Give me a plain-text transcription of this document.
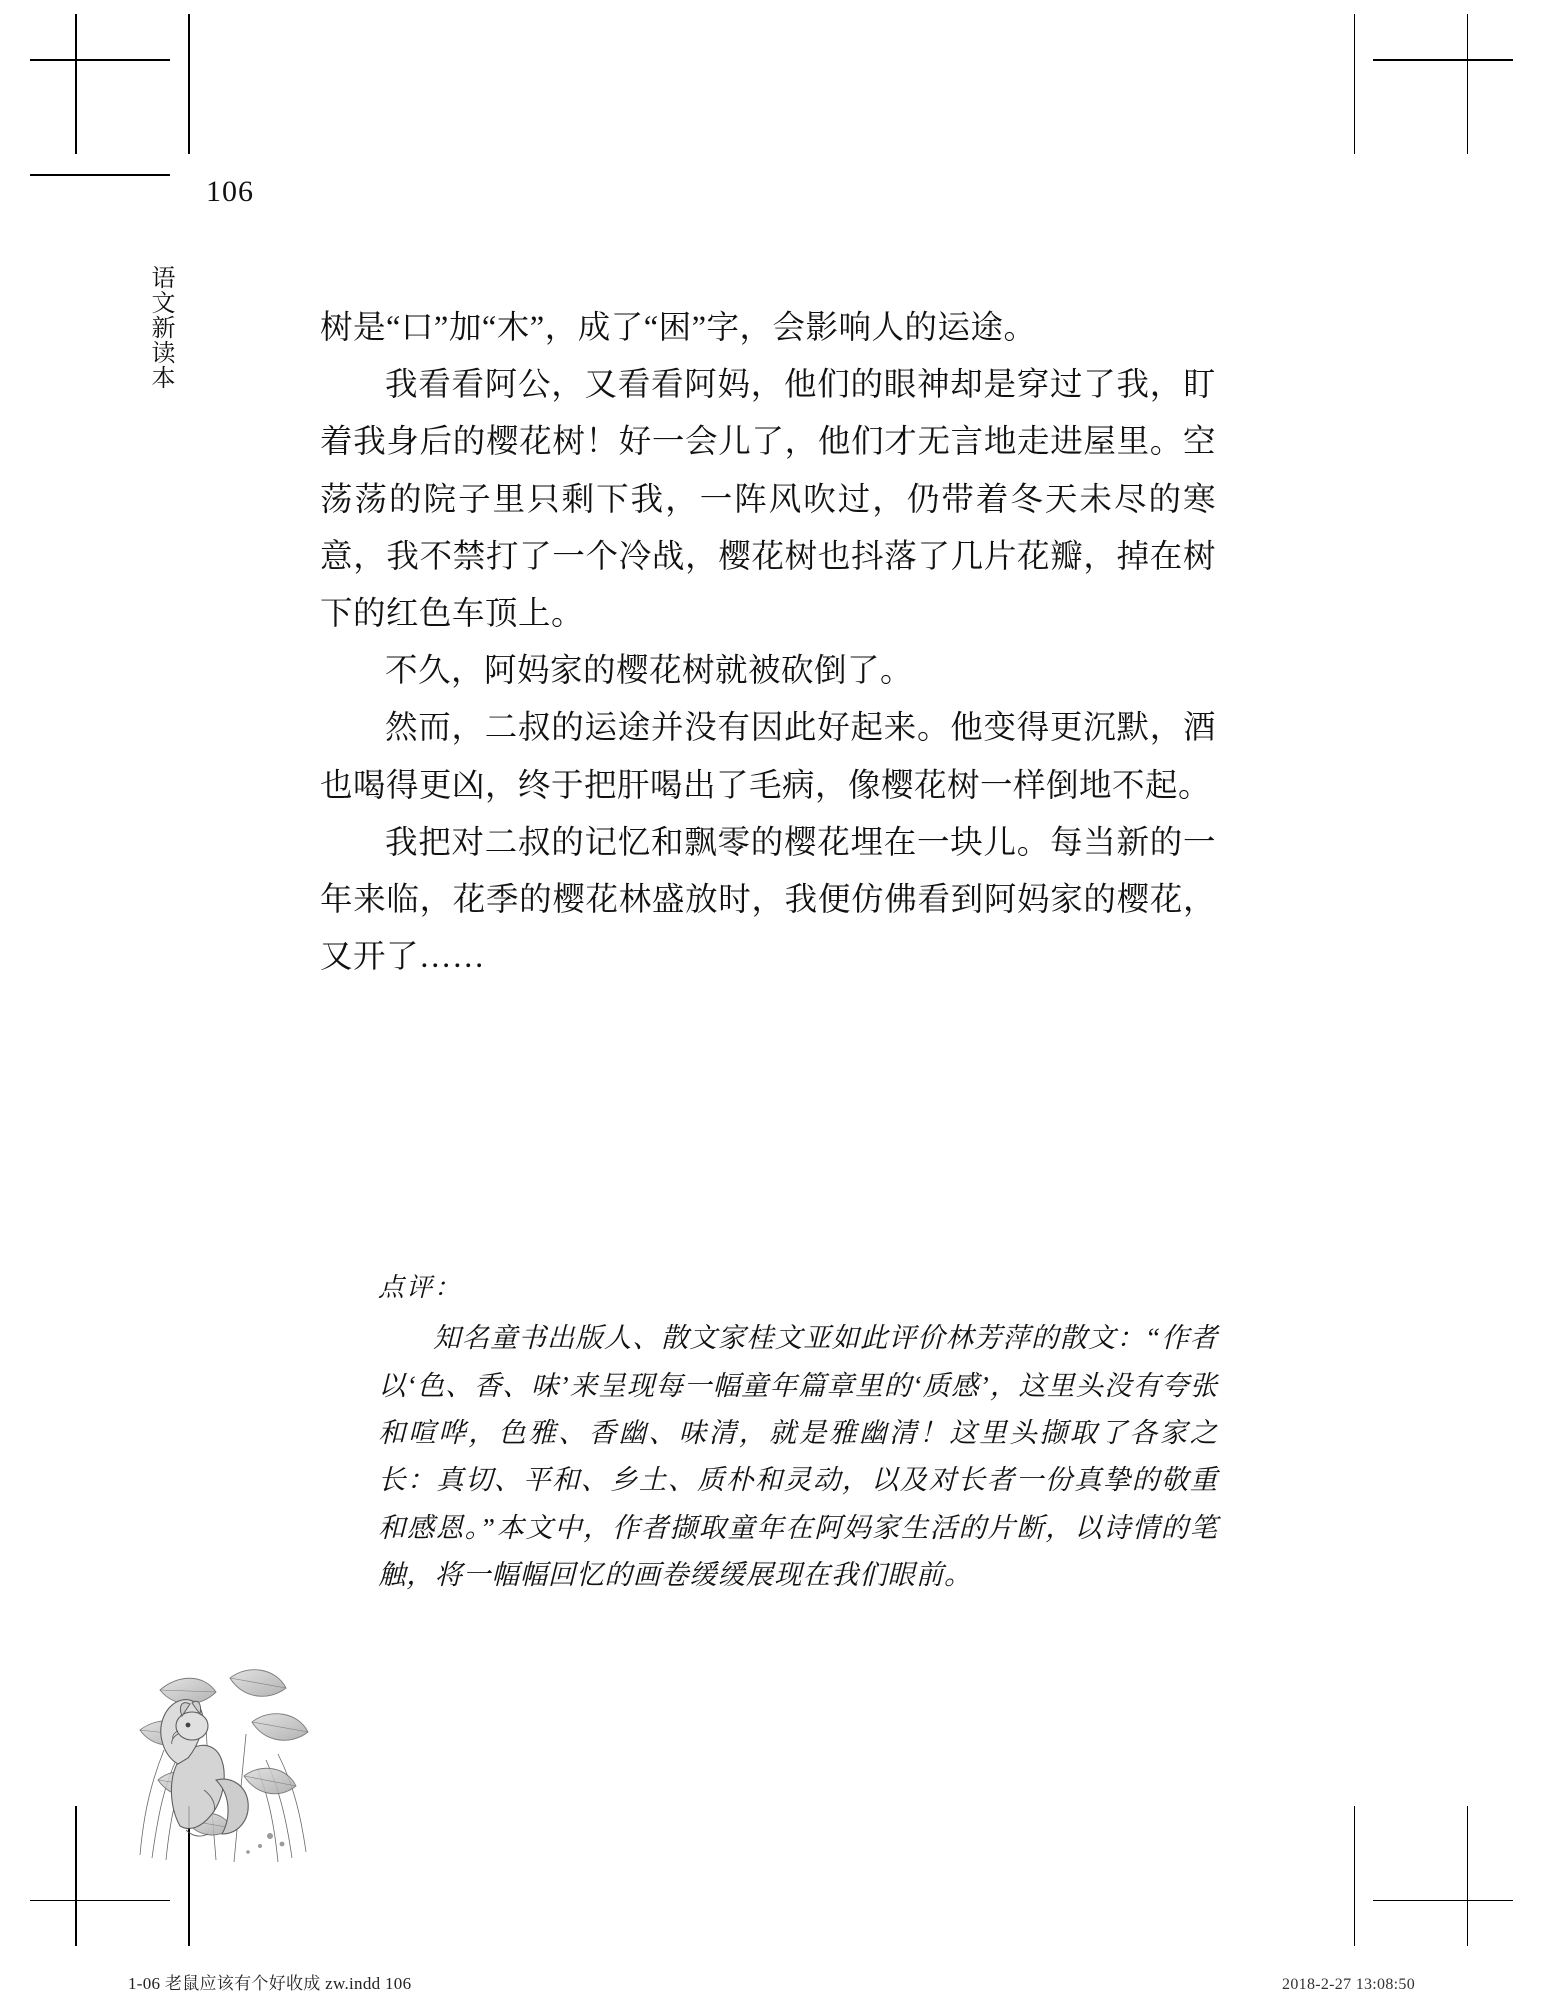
106
语文新读本	树是“口”加“木”，成了“困”字，会影响人的运途。

我看看阿公，又看看阿妈，他们的眼神却是穿过了我，盯着我身后的樱花树！好一会儿了，他们才无言地走进屋里。空荡荡的院子里只剩下我，一阵风吹过，仍带着冬天未尽的寒意，我不禁打了一个冷战，樱花树也抖落了几片花瓣，掉在树下的红色车顶上。

不久，阿妈家的樱花树就被砍倒了。

然而，二叔的运途并没有因此好起来。他变得更沉默，酒也喝得更凶，终于把肝喝出了毛病，像樱花树一样倒地不起。

我把对二叔的记忆和飘零的樱花埋在一块儿。每当新的一年来临，花季的樱花林盛放时，我便仿佛看到阿妈家的樱花，又开了……

点评：

知名童书出版人、散文家桂文亚如此评价林芳萍的散文：“作者以‘色、香、味’来呈现每一幅童年篇章里的‘质感’，这里头没有夸张和喧哗，色雅、香幽、味清，就是雅幽清！这里头撷取了各家之长：真切、平和、乡土、质朴和灵动，以及对长者一份真挚的敬重和感恩。”本文中，作者撷取童年在阿妈家生活的片断，以诗情的笔触，将一幅幅回忆的画卷缓缓展现在我们眼前。

1-06 老鼠应该有个好收成 zw.indd 106	2018-2-27 13:08:50
